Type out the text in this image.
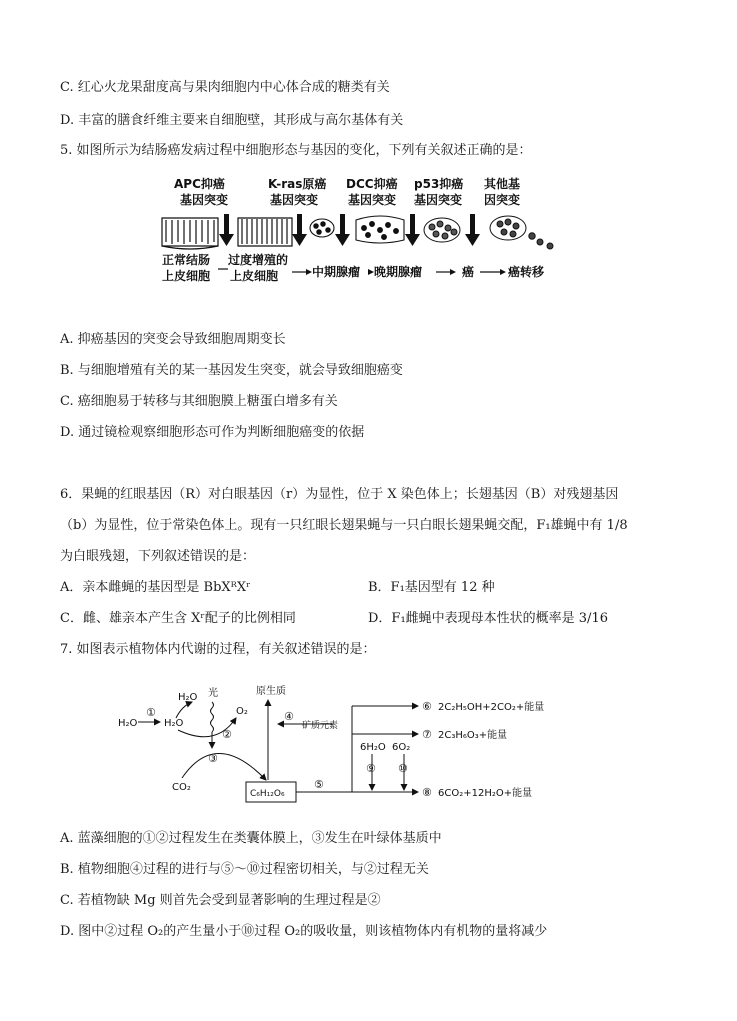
C. 红心火龙果甜度高与果肉细胞内中心体合成的糖类有关
D. 丰富的膳食纤维主要来自细胞壁，其形成与高尔基体有关
5. 如图所示为结肠癌发病过程中细胞形态与基因的变化，下列有关叙述正确的是：
APC抑癌
基因突变
K-ras原癌
基因突变
DCC抑癌
基因突变
p53抑癌
基因突变
其他基
因突变
正常结肠
上皮细胞
过度增殖的
上皮细胞	中期腺瘤 晚期腺瘤	癌	癌转移
A. 抑癌基因的突变会导致细胞周期变长
B. 与细胞增殖有关的某一基因发生突变，就会导致细胞癌变
C. 癌细胞易于转移与其细胞膜上糖蛋白增多有关
D. 通过镜检观察细胞形态可作为判断细胞癌变的依据
6．果蝇的红眼基因（R）对白眼基因（r）为显性，位于 X 染色体上；长翅基因（B）对残翅基因
（b）为显性，位于常染色体上。现有一只红眼长翅果蝇与一只白眼长翅果蝇交配，F₁雄蝇中有 1/8
为白眼残翅，下列叙述错误的是：
A．亲本雌蝇的基因型是 BbXᴿXʳ	B．F₁基因型有 12 种
C．雌、雄亲本产生含 Xʳ配子的比例相同	D．F₁雌蝇中表现母本性状的概率是 3/16
7. 如图表示植物体内代谢的过程，有关叙述错误的是：
H₂O
①
H₂O
H₂O 光
②
O₂
③
CO₂
原生质
④
矿质元素
C₆H₁₂O₆
⑤
6H₂O 6O₂
⑨ ⑩
⑥ 2C₂H₅OH+2CO₂+能量
⑦ 2C₃H₆O₃+能量
⑧ 6CO₂+12H₂O+能量
A. 蓝藻细胞的①②过程发生在类囊体膜上，③发生在叶绿体基质中
B. 植物细胞④过程的进行与⑤～⑩过程密切相关，与②过程无关
C. 若植物缺 Mg 则首先会受到显著影响的生理过程是②
D. 图中②过程 O₂的产生量小于⑩过程 O₂的吸收量，则该植物体内有机物的量将减少
